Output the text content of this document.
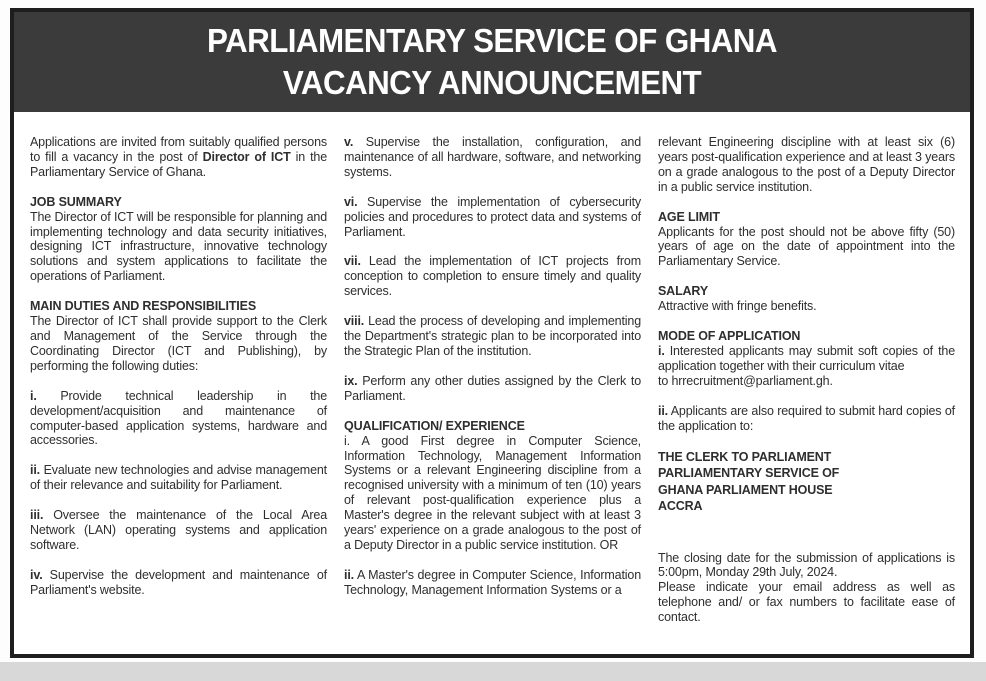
PARLIAMENTARY SERVICE OF GHANA
VACANCY ANNOUNCEMENT

Applications are invited from suitably qualified persons to fill a vacancy in the post of Director of ICT in the Parliamentary Service of Ghana.

JOB SUMMARY

The Director of ICT will be responsible for planning and implementing technology and data security initiatives, designing ICT infrastructure, innovative technology solutions and system applications to facilitate the operations of Parliament.

MAIN DUTIES AND RESPONSIBILITIES

The Director of ICT shall provide support to the Clerk and Management of the Service through the Coordinating Director (ICT and Publishing), by performing the following duties:

i. Provide technical leadership in the development/acquisition and maintenance of computer-based application systems, hardware and accessories.

ii. Evaluate new technologies and advise management of their relevance and suitability for Parliament.

iii. Oversee the maintenance of the Local Area Network (LAN) operating systems and application software.

iv. Supervise the development and maintenance of Parliament's website.

v. Supervise the installation, configuration, and maintenance of all hardware, software, and networking systems.

vi. Supervise the implementation of cybersecurity policies and procedures to protect data and systems of Parliament.

vii. Lead the implementation of ICT projects from conception to completion to ensure timely and quality services.

viii. Lead the process of developing and implementing the Department's strategic plan to be incorporated into the Strategic Plan of the institution.

ix. Perform any other duties assigned by the Clerk to Parliament.

QUALIFICATION/ EXPERIENCE

i. A good First degree in Computer Science, Information Technology, Management Information Systems or a relevant Engineering discipline from a recognised university with a minimum of ten (10) years of relevant post-qualification experience plus a Master's degree in the relevant subject with at least 3 years' experience on a grade analogous to the post of a Deputy Director in a public service institution. OR

ii. A Master's degree in Computer Science, Information Technology, Management Information Systems or a

relevant Engineering discipline with at least six (6) years post-qualification experience and at least 3 years on a grade analogous to the post of a Deputy Director in a public service institution.

AGE LIMIT

Applicants for the post should not be above fifty (50) years of age on the date of appointment into the Parliamentary Service.

SALARY

Attractive with fringe benefits.

MODE OF APPLICATION

i. Interested applicants may submit soft copies of the application together with their curriculum vitae
to hrrecruitment@parliament.gh.

ii. Applicants are also required to submit hard copies of the application to:

THE CLERK TO PARLIAMENT
PARLIAMENTARY SERVICE OF
GHANA PARLIAMENT HOUSE
ACCRA

The closing date for the submission of applications is 5:00pm, Monday 29th July, 2024.
Please indicate your email address as well as telephone and/ or fax numbers to facilitate ease of contact.
